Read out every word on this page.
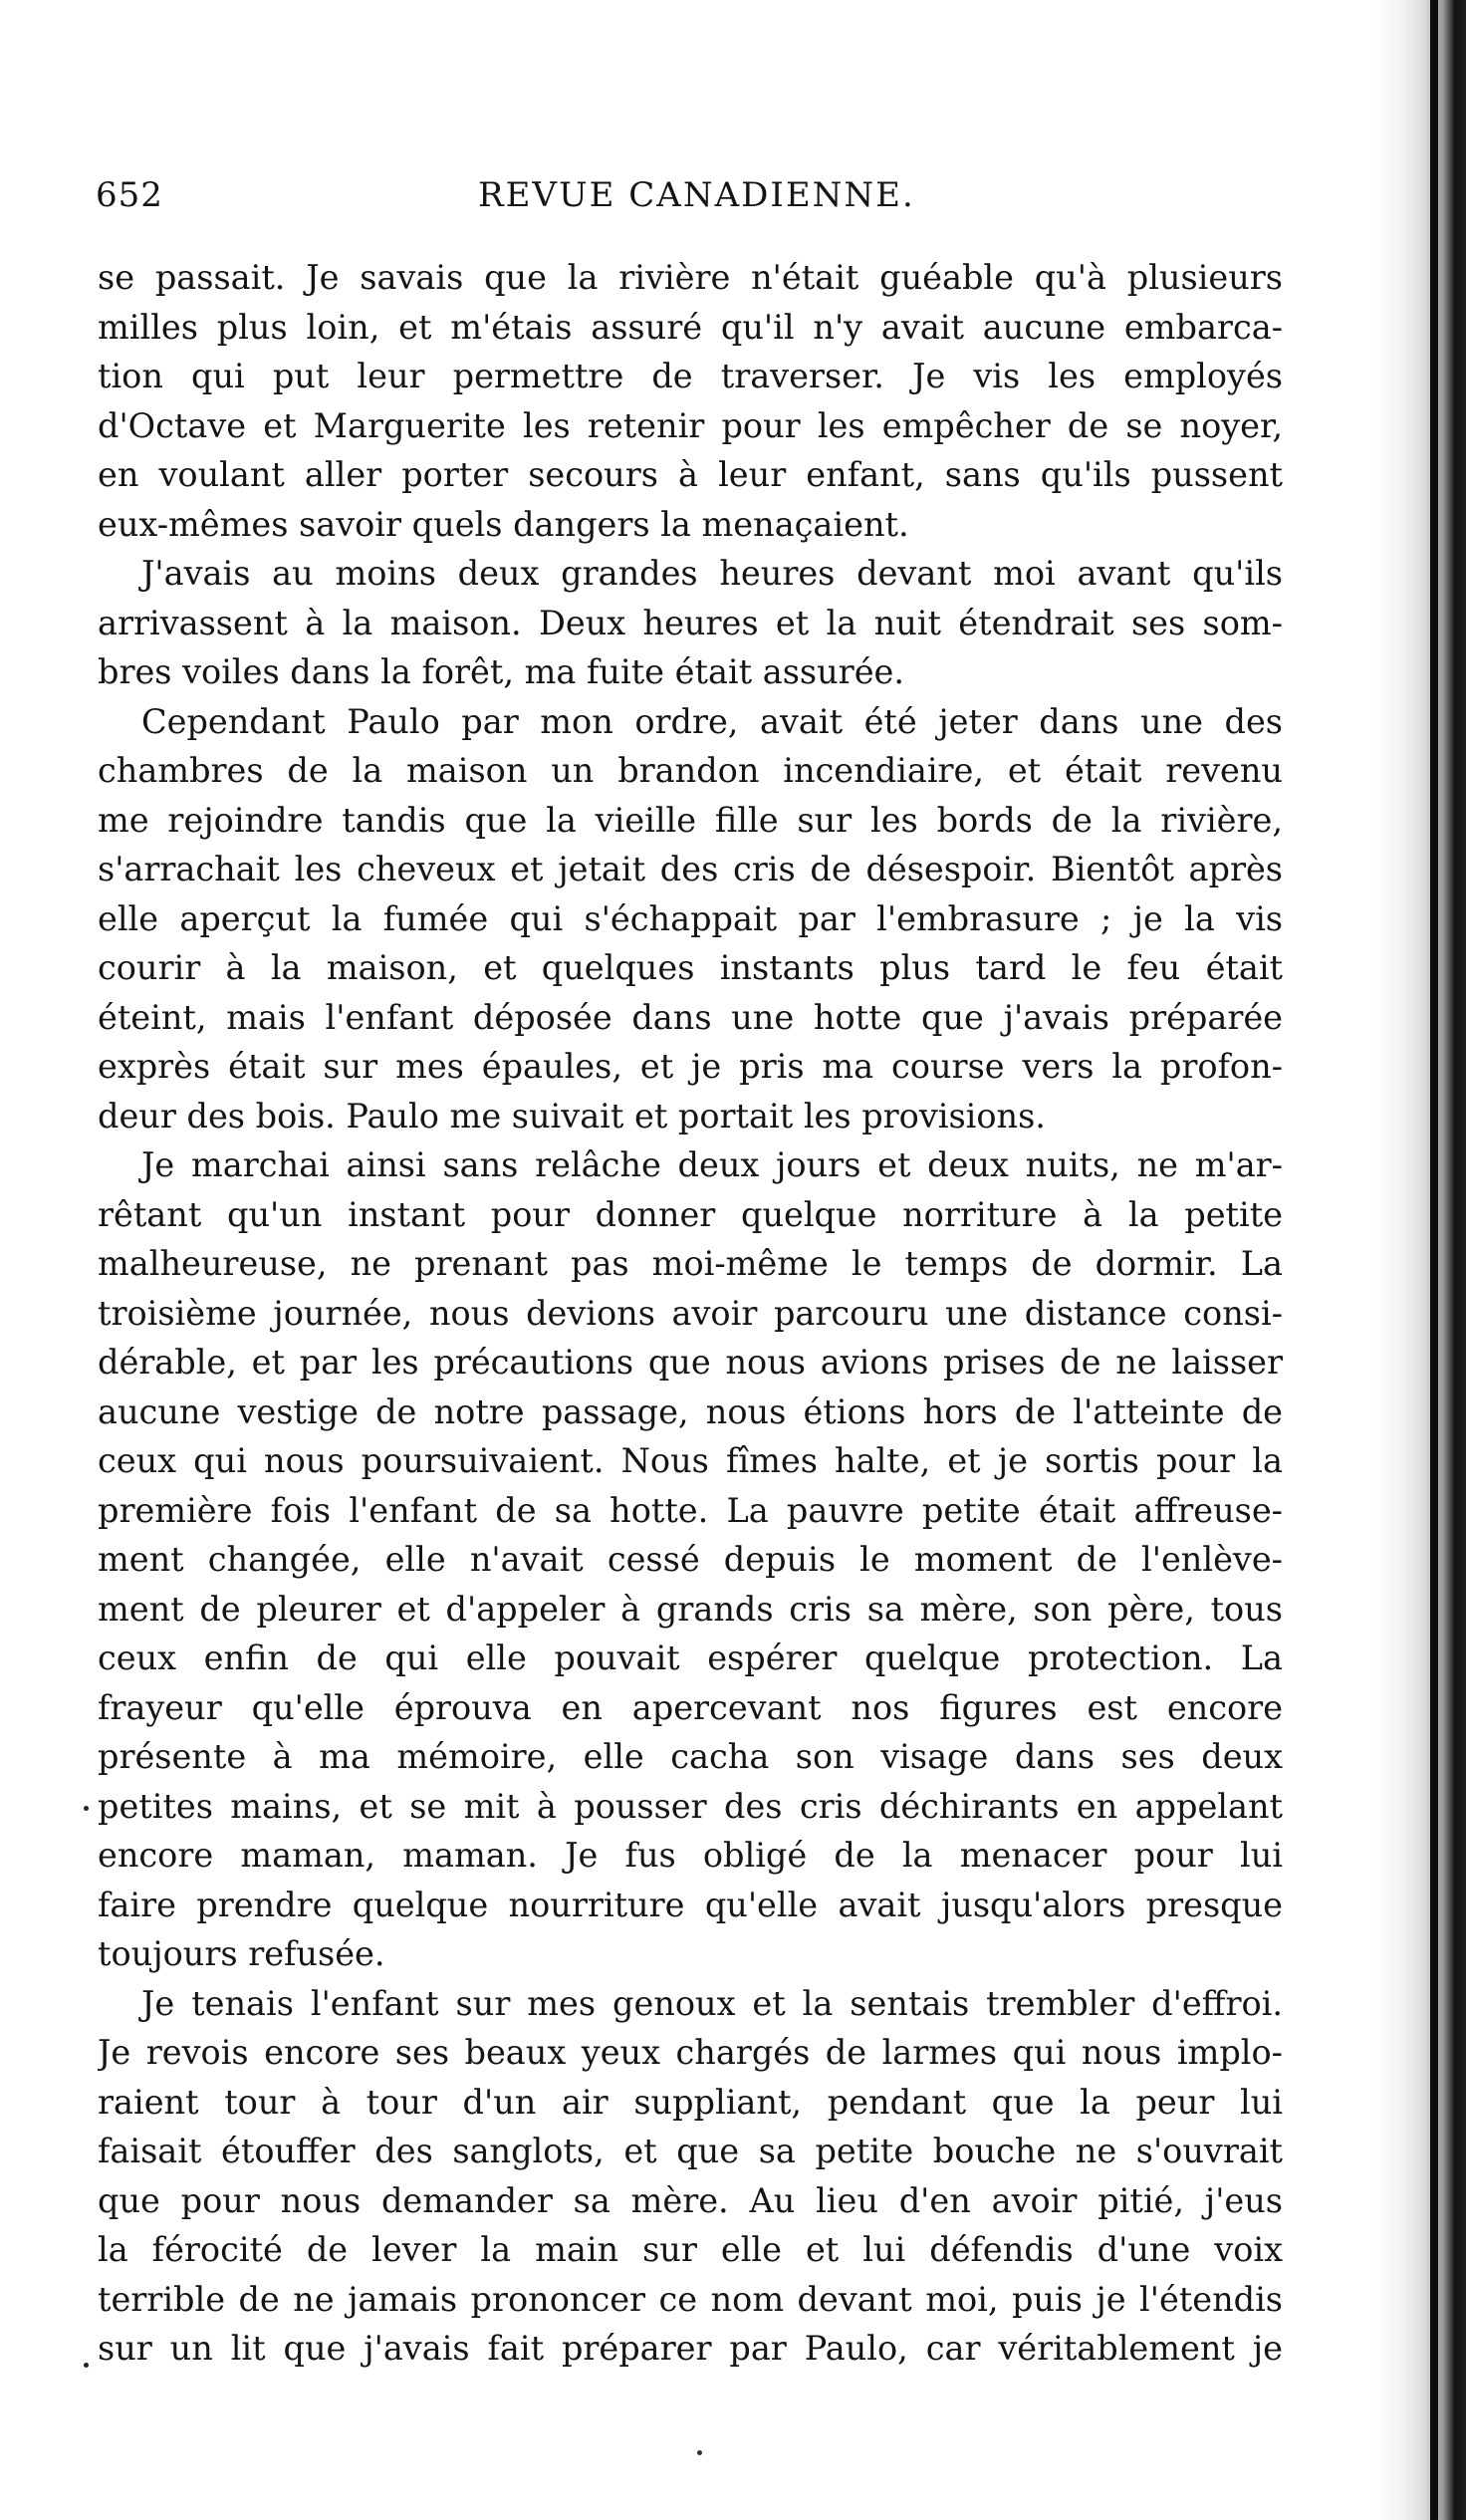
652	REVUE CANADIENNE.
se passait. Je savais que la rivière n'était guéable qu'à plusieurs
milles plus loin, et m'étais assuré qu'il n'y avait aucune embarca-
tion qui put leur permettre de traverser. Je vis les employés
d'Octave et Marguerite les retenir pour les empêcher de se noyer,
en voulant aller porter secours à leur enfant, sans qu'ils pussent
eux-mêmes savoir quels dangers la menaçaient.
J'avais au moins deux grandes heures devant moi avant qu'ils
arrivassent à la maison. Deux heures et la nuit étendrait ses som-
bres voiles dans la forêt, ma fuite était assurée.
Cependant Paulo par mon ordre, avait été jeter dans une des
chambres de la maison un brandon incendiaire, et était revenu
me rejoindre tandis que la vieille fille sur les bords de la rivière,
s'arrachait les cheveux et jetait des cris de désespoir. Bientôt après
elle aperçut la fumée qui s'échappait par l'embrasure ; je la vis
courir à la maison, et quelques instants plus tard le feu était
éteint, mais l'enfant déposée dans une hotte que j'avais préparée
exprès était sur mes épaules, et je pris ma course vers la profon-
deur des bois. Paulo me suivait et portait les provisions.
Je marchai ainsi sans relâche deux jours et deux nuits, ne m'ar-
rêtant qu'un instant pour donner quelque norriture à la petite
malheureuse, ne prenant pas moi-même le temps de dormir. La
troisième journée, nous devions avoir parcouru une distance consi-
dérable, et par les précautions que nous avions prises de ne laisser
aucune vestige de notre passage, nous étions hors de l'atteinte de
ceux qui nous poursuivaient. Nous fîmes halte, et je sortis pour la
première fois l'enfant de sa hotte. La pauvre petite était affreuse-
ment changée, elle n'avait cessé depuis le moment de l'enlève-
ment de pleurer et d'appeler à grands cris sa mère, son père, tous
ceux enfin de qui elle pouvait espérer quelque protection. La
frayeur qu'elle éprouva en apercevant nos figures est encore
présente à ma mémoire, elle cacha son visage dans ses deux
petites mains, et se mit à pousser des cris déchirants en appelant
encore maman, maman. Je fus obligé de la menacer pour lui
faire prendre quelque nourriture qu'elle avait jusqu'alors presque
toujours refusée.
Je tenais l'enfant sur mes genoux et la sentais trembler d'effroi.
Je revois encore ses beaux yeux chargés de larmes qui nous implo-
raient tour à tour d'un air suppliant, pendant que la peur lui
faisait étouffer des sanglots, et que sa petite bouche ne s'ouvrait
que pour nous demander sa mère. Au lieu d'en avoir pitié, j'eus
la férocité de lever la main sur elle et lui défendis d'une voix
terrible de ne jamais prononcer ce nom devant moi, puis je l'étendis
sur un lit que j'avais fait préparer par Paulo, car véritablement je
